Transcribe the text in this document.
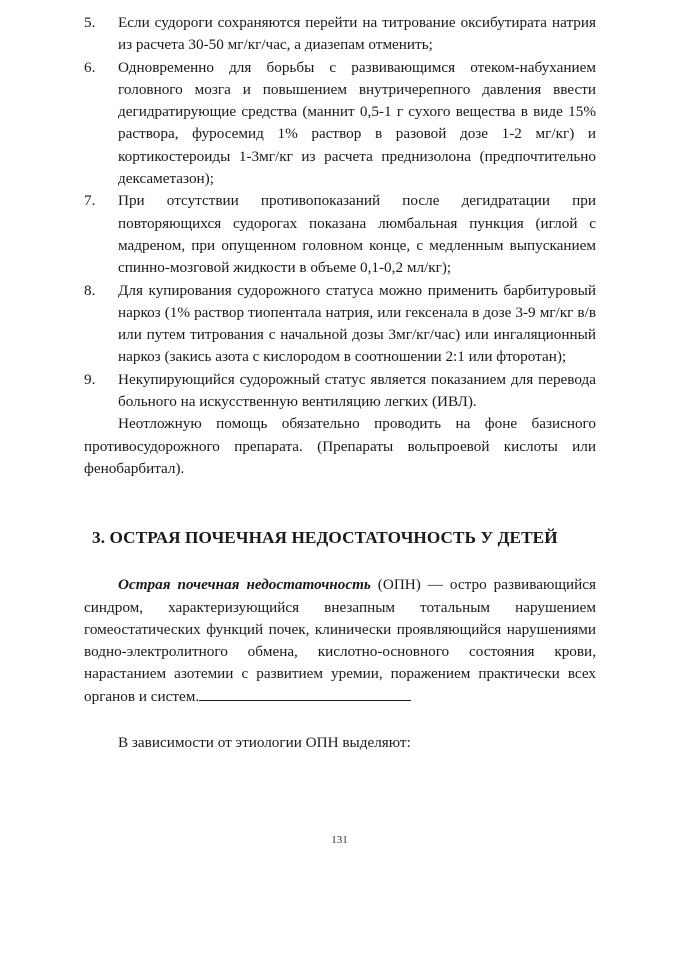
5. Если судороги сохраняются перейти на титрование оксибутирата натрия из расчета 30-50 мг/кг/час, а диазепам отменить;

6. Одновременно для борьбы с развивающимся отеком-набуханием головного мозга и повышением внутричерепного давления ввести дегидратирующие средства (маннит 0,5-1 г сухого вещества в виде 15% раствора, фуросемид 1% раствор в разовой дозе 1-2 мг/кг) и кортикостероиды 1-3мг/кг из расчета преднизолона (предпочтительно дексаметазон);

7. При отсутствии противопоказаний после дегидратации при повторяющихся судорогах показана люмбальная пункция (иглой с мадреном, при опущенном головном конце, с медленным выпусканием спинно-мозговой жидкости в объеме 0,1-0,2 мл/кг);

8. Для купирования судорожного статуса можно применить барбитуровый наркоз (1% раствор тиопентала натрия, или гексенала в дозе 3-9 мг/кг в/в или путем титрования с начальной дозы 3мг/кг/час) или ингаляционный наркоз (закись азота с кислородом в соотношении 2:1 или фторотан);

9. Некупирующийся судорожный статус является показанием для перевода больного на искусственную вентиляцию легких (ИВЛ).

Неотложную помощь обязательно проводить на фоне базисного противосудорожного препарата. (Препараты вольпроевой кислоты или фенобарбитал).

3. ОСТРАЯ ПОЧЕЧНАЯ НЕДОСТАТОЧНОСТЬ У ДЕТЕЙ

Острая почечная недостаточность (ОПН) — остро развивающийся синдром, характеризующийся внезапным тотальным нарушением гомеостатических функций почек, клинически проявляющийся нарушениями водно-электролитного обмена, кислотно-основного состояния крови, нарастанием азотемии с развитием уремии, поражением практически всех органов и систем.

В зависимости от этиологии ОПН выделяют:

131
